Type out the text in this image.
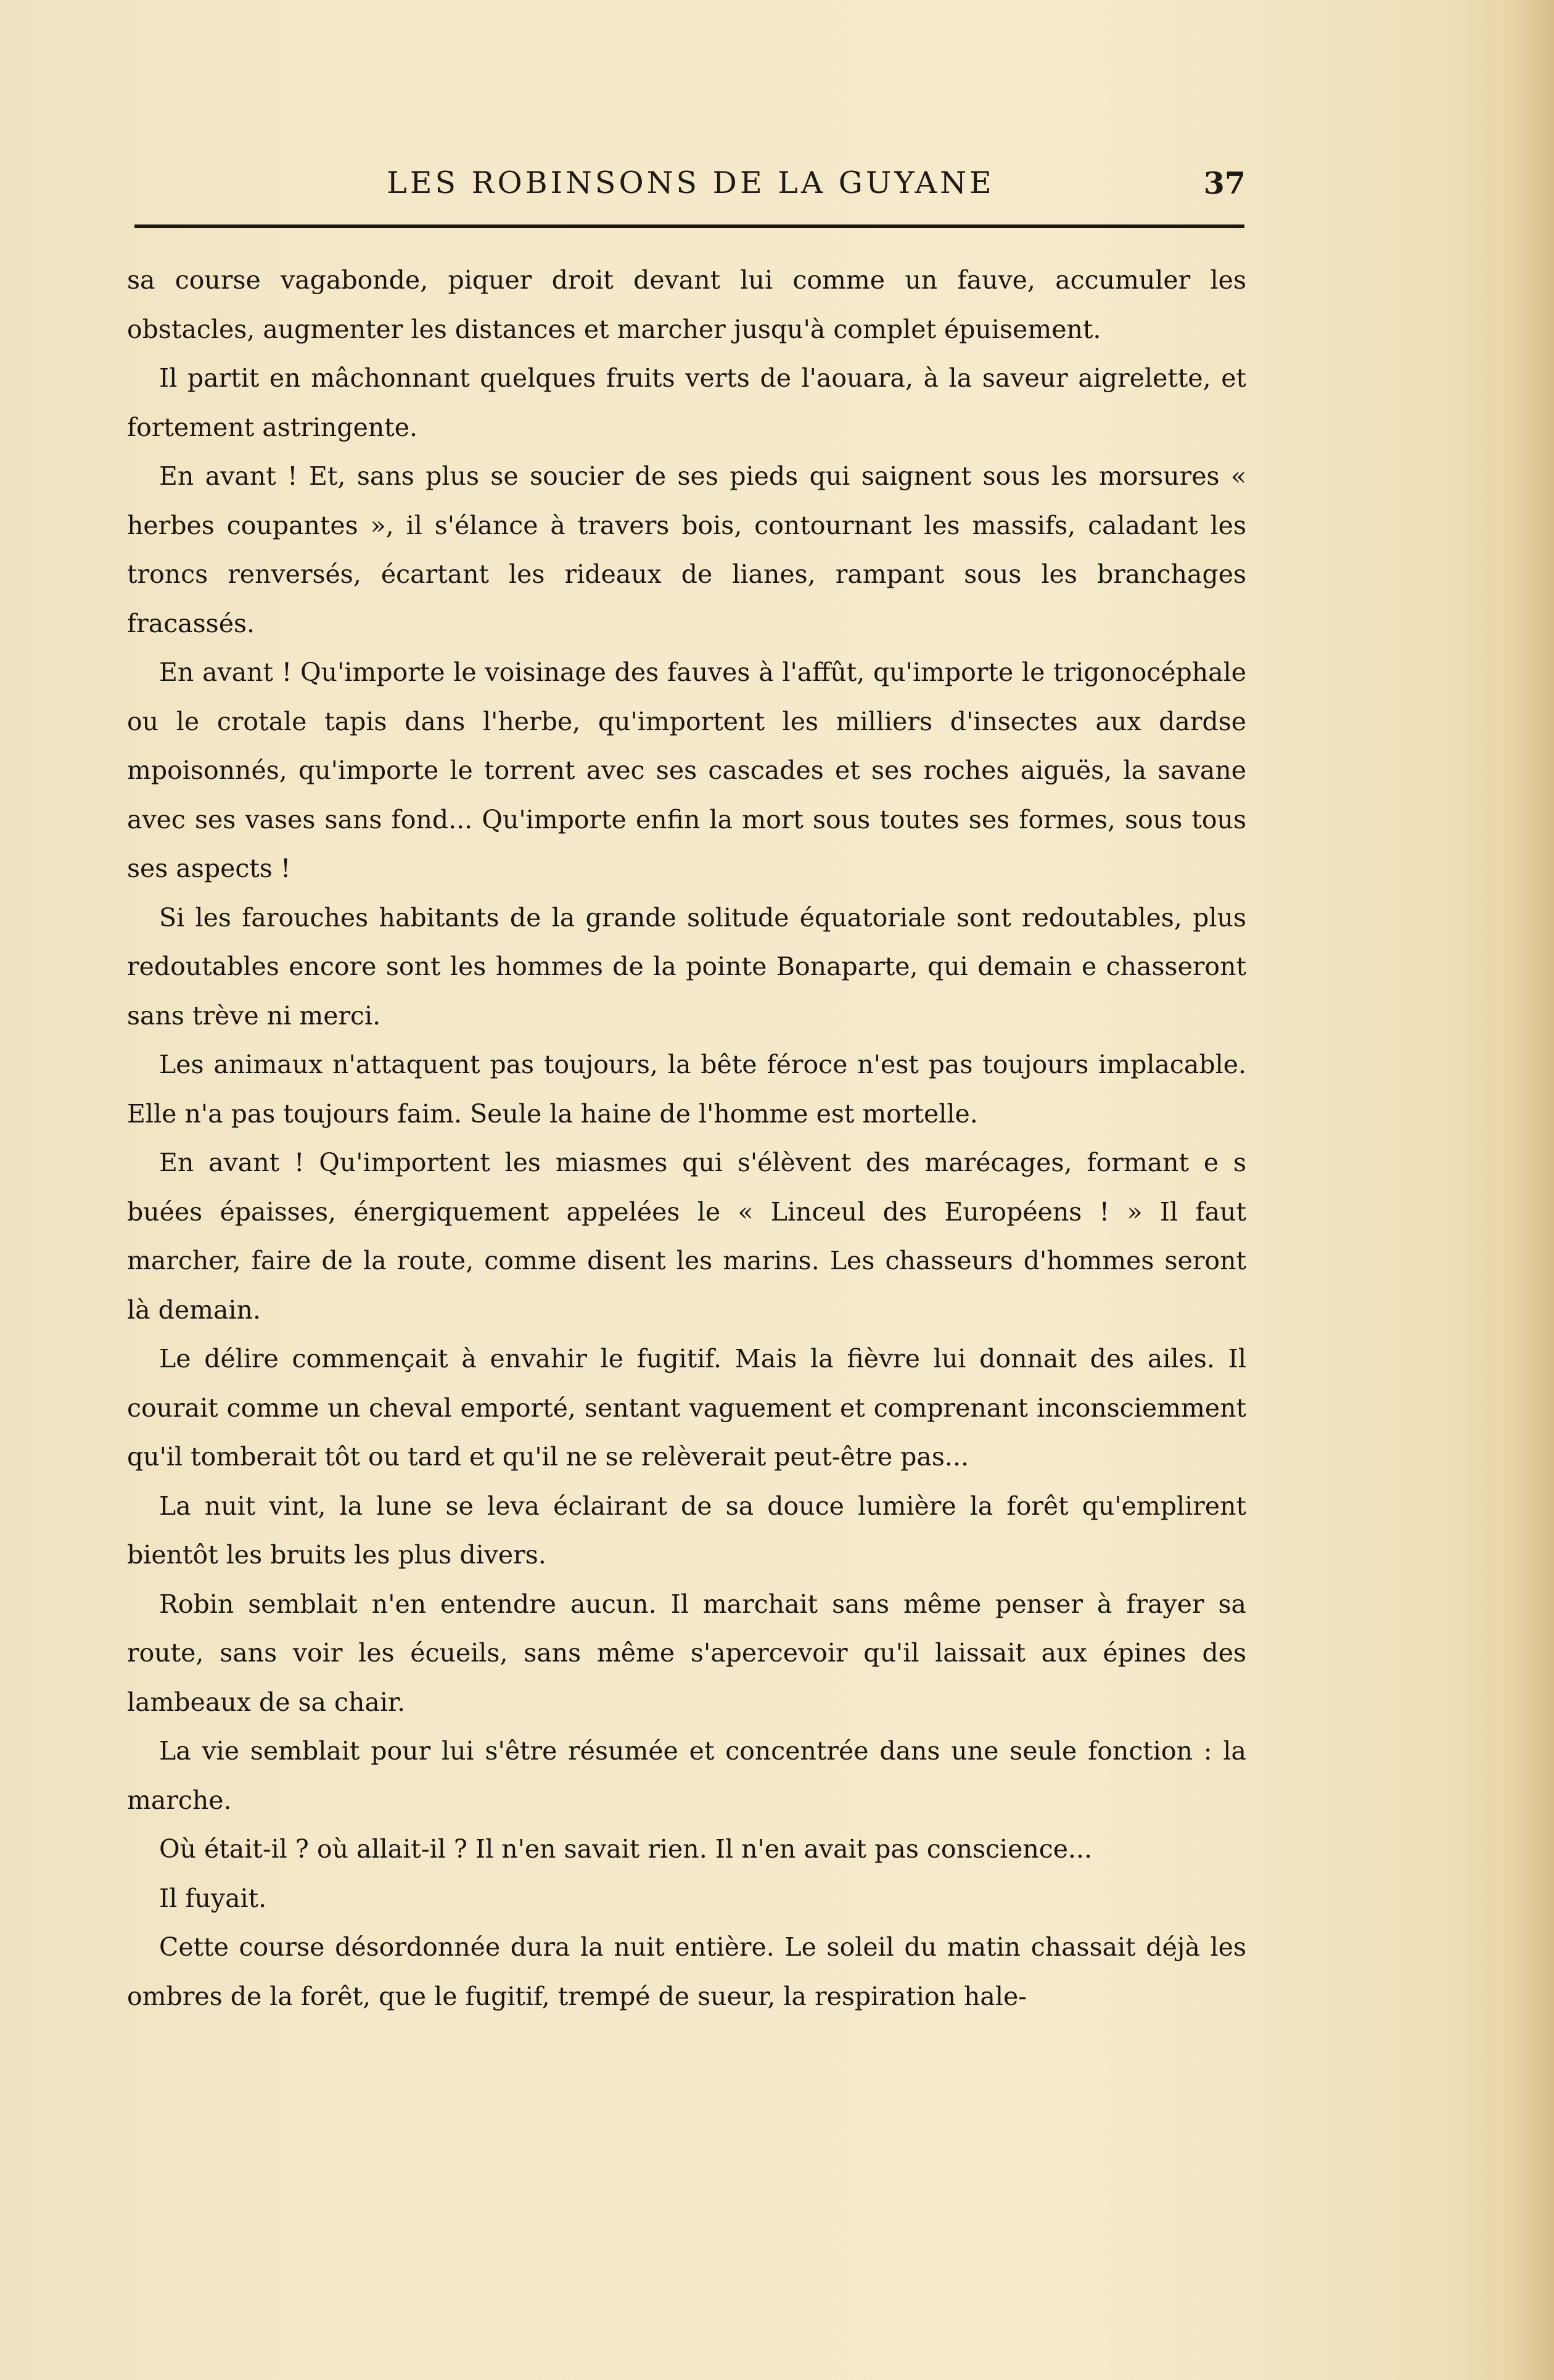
LES ROBINSONS DE LA GUYANE	37

sa course vagabonde, piquer droit devant lui comme un fauve, accumuler les obstacles, augmenter les distances et marcher jusqu'à complet épuisement.

Il partit en mâchonnant quelques fruits verts de l'aouara, à la saveur aigrelette, et fortement astringente.

En avant ! Et, sans plus se soucier de ses pieds qui saignent sous les morsures « herbes coupantes », il s'élance à travers bois, contournant les massifs, caladant les troncs renversés, écartant les rideaux de lianes, rampant sous les branchages fracassés.

En avant ! Qu'importe le voisinage des fauves à l'affût, qu'importe le trigonocéphale ou le crotale tapis dans l'herbe, qu'importent les milliers d'insectes aux dardse mpoisonnés, qu'importe le torrent avec ses cascades et ses roches aiguës, la savane avec ses vases sans fond... Qu'importe enfin la mort sous toutes ses formes, sous tous ses aspects !

Si les farouches habitants de la grande solitude équatoriale sont redoutables, plus redoutables encore sont les hommes de la pointe Bonaparte, qui demain e chasseront sans trève ni merci.

Les animaux n'attaquent pas toujours, la bête féroce n'est pas toujours implacable. Elle n'a pas toujours faim. Seule la haine de l'homme est mortelle.

En avant ! Qu'importent les miasmes qui s'élèvent des marécages, formant e s buées épaisses, énergiquement appelées le « Linceul des Européens ! » Il faut marcher, faire de la route, comme disent les marins. Les chasseurs d'hommes seront là demain.

Le délire commençait à envahir le fugitif. Mais la fièvre lui donnait des ailes. Il courait comme un cheval emporté, sentant vaguement et comprenant inconsciemment qu'il tomberait tôt ou tard et qu'il ne se relèverait peut-être pas...

La nuit vint, la lune se leva éclairant de sa douce lumière la forêt qu'emplirent bientôt les bruits les plus divers.

Robin semblait n'en entendre aucun. Il marchait sans même penser à frayer sa route, sans voir les écueils, sans même s'apercevoir qu'il laissait aux épines des lambeaux de sa chair.

La vie semblait pour lui s'être résumée et concentrée dans une seule fonction : la marche.

Où était-il ? où allait-il ? Il n'en savait rien. Il n'en avait pas conscience...

Il fuyait.

Cette course désordonnée dura la nuit entière. Le soleil du matin chassait déjà les ombres de la forêt, que le fugitif, trempé de sueur, la respiration hale-
